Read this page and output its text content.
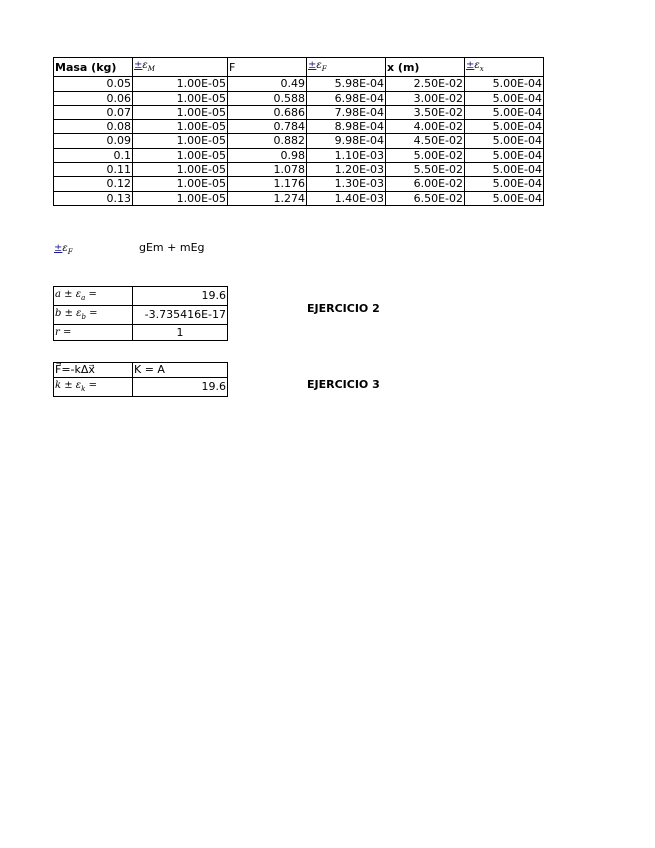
Masa (kg)	$\pm\varepsilon_M$	F	$\pm\varepsilon_F$	x (m)	$\pm\varepsilon_x$
0.05	1.00E-05	0.49	5.98E-04	2.50E-02	5.00E-04
0.06	1.00E-05	0.588	6.98E-04	3.00E-02	5.00E-04
0.07	1.00E-05	0.686	7.98E-04	3.50E-02	5.00E-04
0.08	1.00E-05	0.784	8.98E-04	4.00E-02	5.00E-04
0.09	1.00E-05	0.882	9.98E-04	4.50E-02	5.00E-04
0.1	1.00E-05	0.98	1.10E-03	5.00E-02	5.00E-04
0.11	1.00E-05	1.078	1.20E-03	5.50E-02	5.00E-04
0.12	1.00E-05	1.176	1.30E-03	6.00E-02	5.00E-04
0.13	1.00E-05	1.274	1.40E-03	6.50E-02	5.00E-04
$\pm\varepsilon_F$	gEm + mEg
$a \pm \varepsilon_a$ =	19.6
$b \pm \varepsilon_b$ =	-3.735416E-17
r =	1
EJERCICIO 2
F⃗=-kΔx⃗	K = A
$k \pm \varepsilon_k$ =	19.6	EJERCICIO 3
